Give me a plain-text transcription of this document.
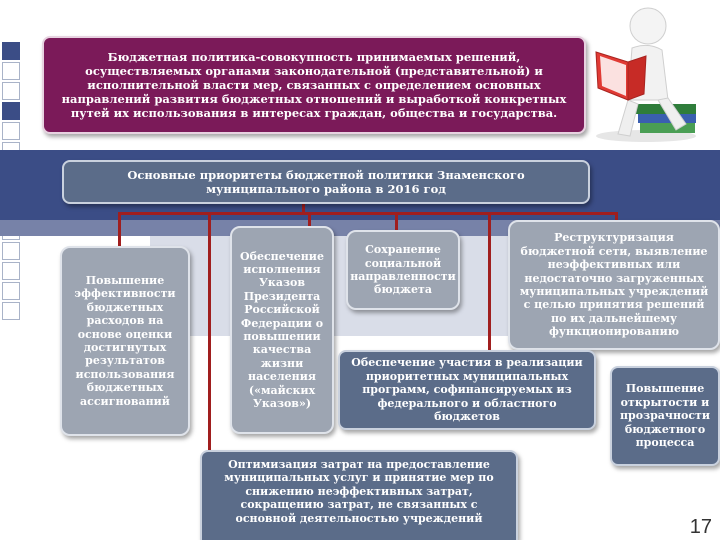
Бюджетная политика-совокупность принимаемых решений, осуществляемых органами законодательной (представительной) и исполнительной власти мер, связанных с определением основных направлений развития бюджетных отношений и выработкой конкретных путей их использования в интересах граждан, общества и государства.
Основные приоритеты бюджетной политики Знаменского муниципального района в 2016 год
Повышение эффективности бюджетных расходов на основе оценки достигнутых результатов использования бюджетных ассигнований
Обеспечение исполнения Указов Президента Российской Федерации о повышении качества жизни населения («майских Указов»)
Сохранение социальной направленности бюджета
Реструктуризация бюджетной сети, выявление неэффективных или недостаточно загруженных муниципальных учреждений с целью принятия решений по их дальнейшему функционированию
Обеспечение участия в реализации приоритетных муниципальных программ, софинансируемых из федерального и областного бюджетов
Повышение открытости и прозрачности бюджетного процесса
Оптимизация затрат на предоставление муниципальных услуг и принятие мер по снижению неэффективных затрат, сокращению затрат, не связанных с основной деятельностью учреждений	17
